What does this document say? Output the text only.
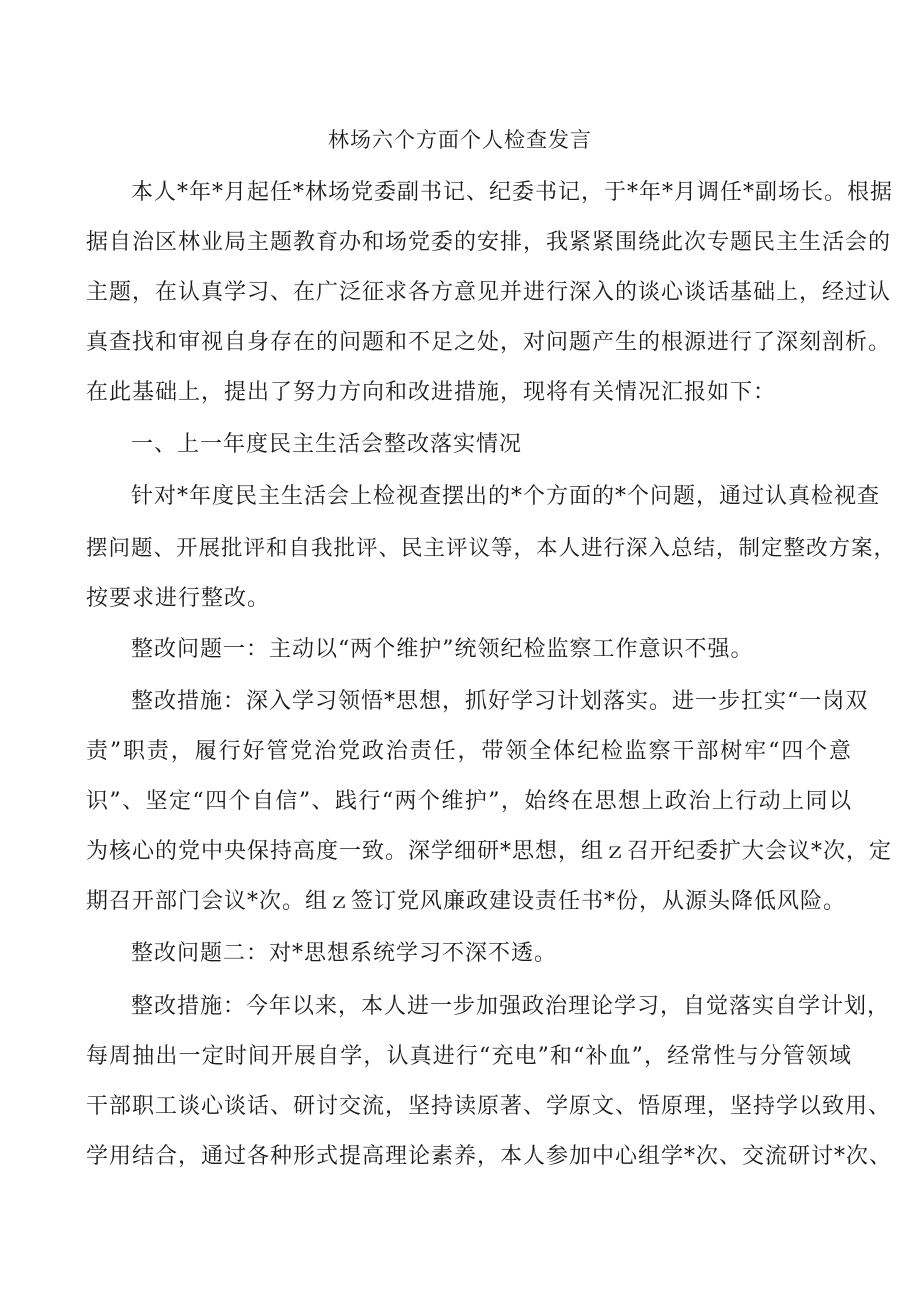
林场六个方面个人检查发言
本人*年*月起任*林场党委副书记、纪委书记，于*年*月调任*副场长。根据
据自治区林业局主题教育办和场党委的安排，我紧紧围绕此次专题民主生活会的
主题，在认真学习、在广泛征求各方意见并进行深入的谈心谈话基础上，经过认
真查找和审视自身存在的问题和不足之处，对问题产生的根源进行了深刻剖析。
在此基础上，提出了努力方向和改进措施，现将有关情况汇报如下：
一、上一年度民主生活会整改落实情况
针对*年度民主生活会上检视查摆出的*个方面的*个问题，通过认真检视查
摆问题、开展批评和自我批评、民主评议等，本人进行深入总结，制定整改方案，
按要求进行整改。
整改问题一：主动以“两个维护”统领纪检监察工作意识不强。
整改措施：深入学习领悟*思想，抓好学习计划落实。进一步扛实“一岗双
责”职责，履行好管党治党政治责任，带领全体纪检监察干部树牢“四个意
识”、坚定“四个自信”、践行“两个维护”，始终在思想上政治上行动上同以
为核心的党中央保持高度一致。深学细研*思想，组ｚ召开纪委扩大会议*次，定
期召开部门会议*次。组ｚ签订党风廉政建设责任书*份，从源头降低风险。
整改问题二：对*思想系统学习不深不透。
整改措施：今年以来，本人进一步加强政治理论学习，自觉落实自学计划，
每周抽出一定时间开展自学，认真进行“充电”和“补血”，经常性与分管领域
干部职工谈心谈话、研讨交流，坚持读原著、学原文、悟原理，坚持学以致用、
学用结合，通过各种形式提高理论素养，本人参加中心组学*次、交流研讨*次、
